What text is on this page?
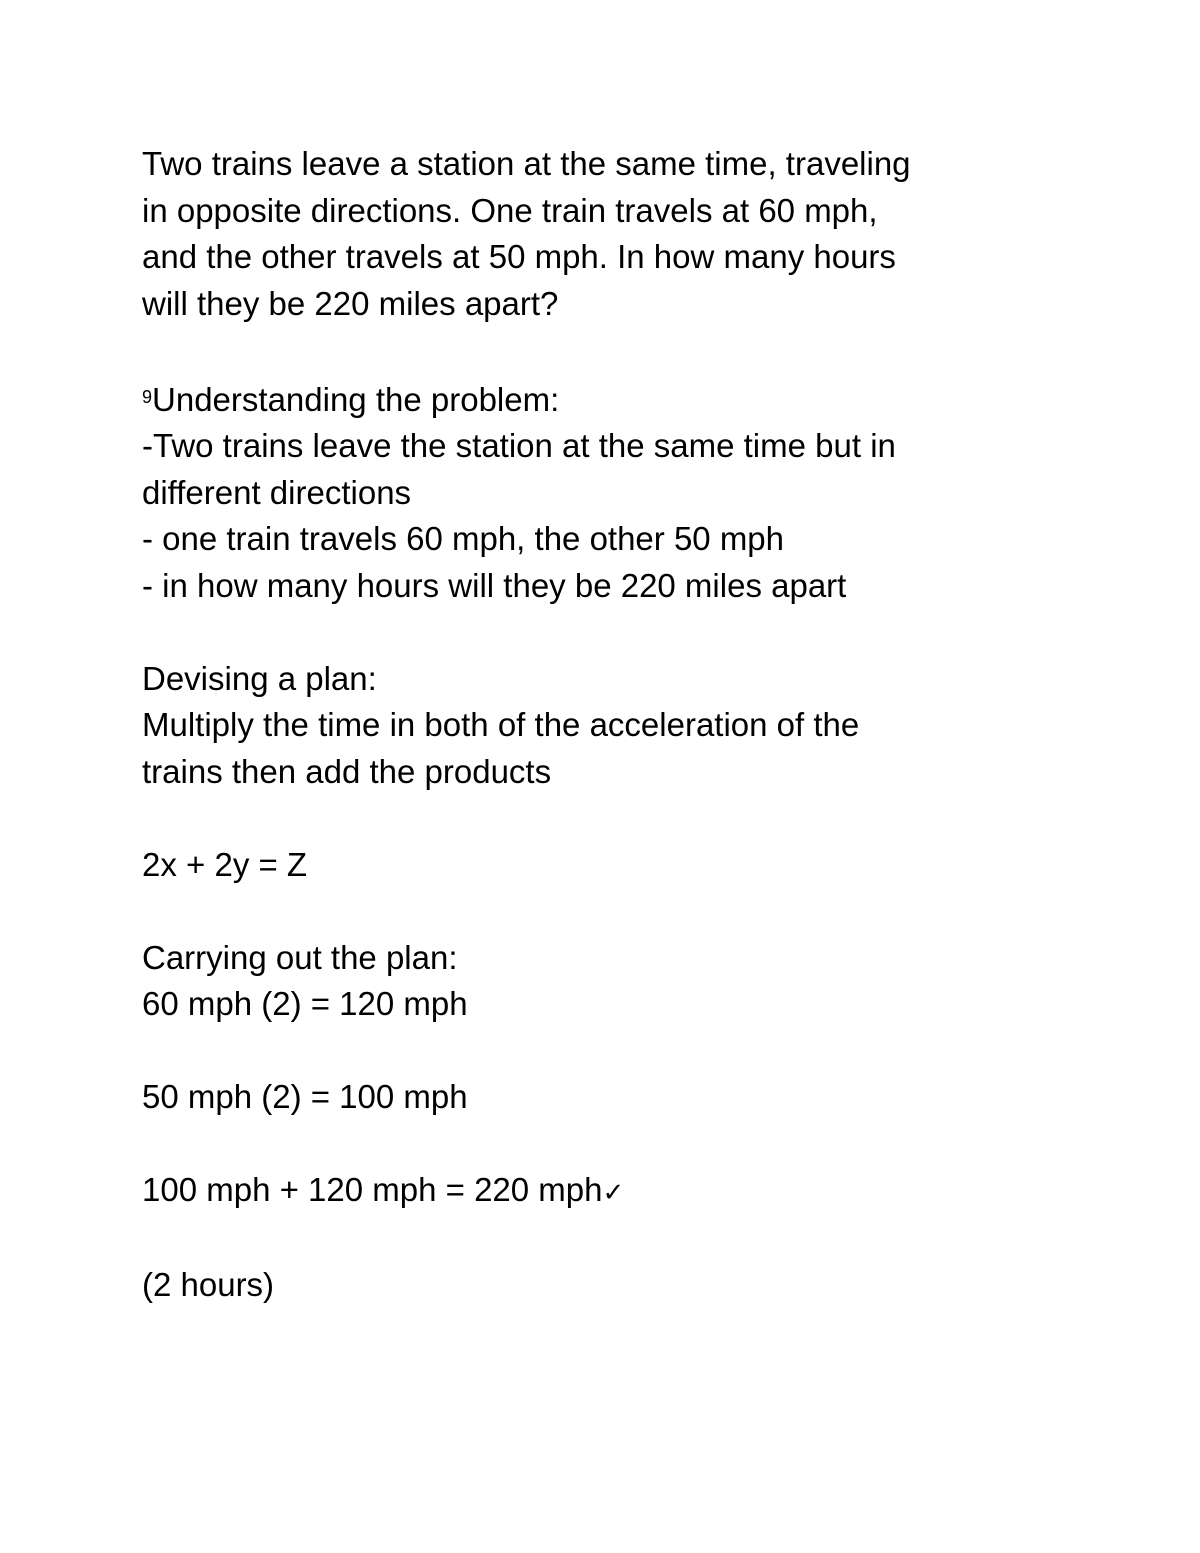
Two trains leave a station at the same time, traveling
in opposite directions. One train travels at 60 mph,
and the other travels at 50 mph. In how many hours
will they be 220 miles apart?
$^9$Understanding the problem:
-Two trains leave the station at the same time but in
different directions
- one train travels 60 mph, the other 50 mph
- in how many hours will they be 220 miles apart
Devising a plan:
Multiply the time in both of the acceleration of the
trains then add the products
2x + 2y = Z
Carrying out the plan:
60 mph (2) = 120 mph
50 mph (2) = 100 mph
100 mph + 120 mph = 220 mph✓
(2 hours)
